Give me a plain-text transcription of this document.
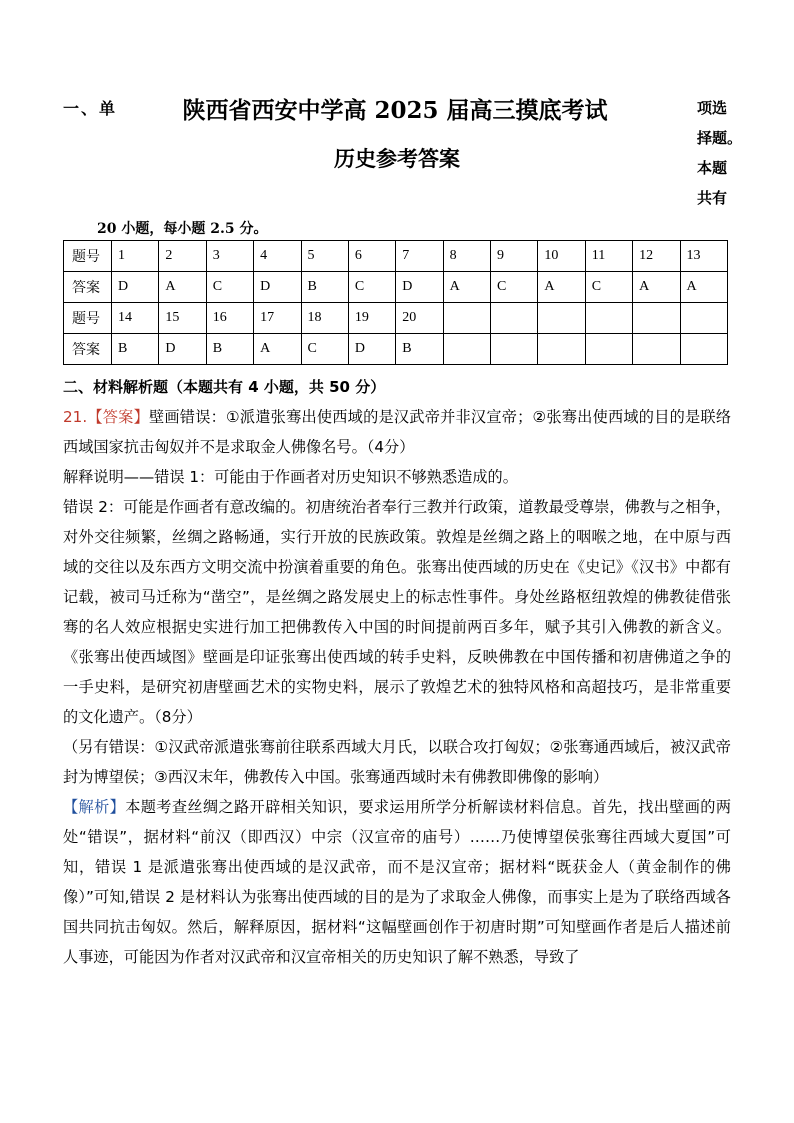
一、单	陕西省西安中学高 2025 届高三摸底考试
历史参考答案
项选
择题。
本题
共有
20 小题，每小题 2.5 分。
题号	1	2	3	4	5	6	7	8	9	10	11	12	13
答案	D	A	C	D	B	C	D	A	C	A	C	A	A
题号	14	15	16	17	18	19	20						
答案	B	D	B	A	C	D	B						
二、材料解析题（本题共有 4 小题，共 50 分）

21.【答案】壁画错误：①派遣张骞出使西域的是汉武帝并非汉宣帝；②张骞出使西域的目的是联络西域国家抗击匈奴并不是求取金人佛像名号。（4分）

解释说明——错误 1：可能由于作画者对历史知识不够熟悉造成的。

错误 2：可能是作画者有意改编的。初唐统治者奉行三教并行政策，道教最受尊崇，佛教与之相争，对外交往频繁，丝绸之路畅通，实行开放的民族政策。敦煌是丝绸之路上的咽喉之地，在中原与西域的交往以及东西方文明交流中扮演着重要的角色。张骞出使西域的历史在《史记》《汉书》中都有记载，被司马迁称为“凿空”，是丝绸之路发展史上的标志性事件。身处丝路枢纽敦煌的佛教徒借张骞的名人效应根据史实进行加工把佛教传入中国的时间提前两百多年，赋予其引入佛教的新含义。《张骞出使西域图》壁画是印证张骞出使西域的转手史料，反映佛教在中国传播和初唐佛道之争的一手史料，是研究初唐壁画艺术的实物史料，展示了敦煌艺术的独特风格和高超技巧，是非常重要的文化遗产。（8分）

（另有错误：①汉武帝派遣张骞前往联系西域大月氏，以联合攻打匈奴；②张骞通西域后，被汉武帝封为博望侯；③西汉末年，佛教传入中国。张骞通西域时未有佛教即佛像的影响）

【解析】本题考查丝绸之路开辟相关知识，要求运用所学分析解读材料信息。首先，找出壁画的两处“错误”，据材料“前汉（即西汉）中宗（汉宣帝的庙号）……乃使博望侯张骞往西域大夏国”可知，错误 1 是派遣张骞出使西域的是汉武帝，而不是汉宣帝；据材料“既获金人（黄金制作的佛像）”可知,错误 2 是材料认为张骞出使西域的目的是为了求取金人佛像，而事实上是为了联络西域各国共同抗击匈奴。然后，解释原因，据材料“这幅壁画创作于初唐时期”可知壁画作者是后人描述前人事迹，可能因为作者对汉武帝和汉宣帝相关的历史知识了解不熟悉，导致了
